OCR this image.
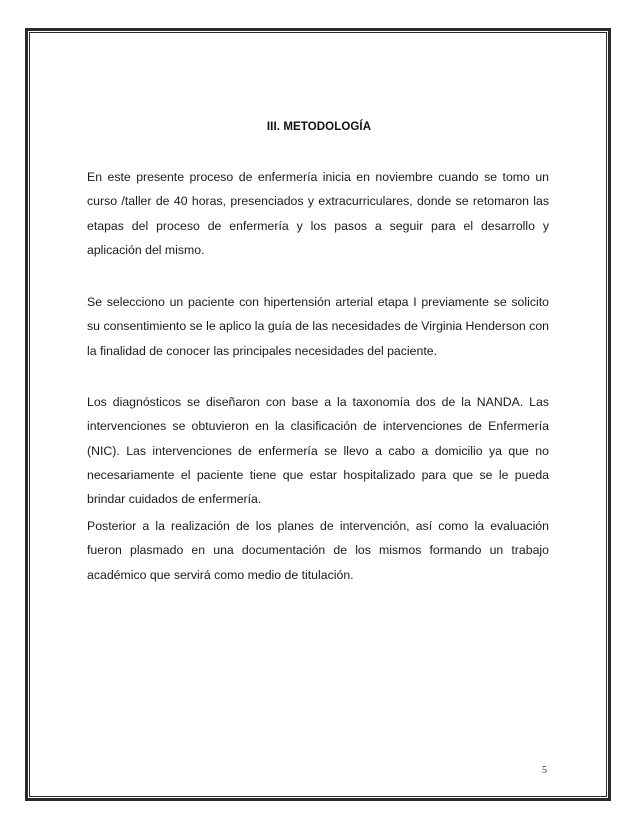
III. METODOLOGÍA

En este presente proceso de enfermería inicia en noviembre cuando se tomo un curso /taller de 40 horas, presenciados y extracurriculares, donde se retomaron las etapas del proceso de enfermería y los pasos a seguir para el desarrollo y aplicación del mismo.

Se selecciono un paciente con hipertensión arterial etapa I previamente se solicito su consentimiento se le aplico la guía de las necesidades de Virginia Henderson con la finalidad de conocer las principales necesidades del paciente.

Los diagnósticos se diseñaron con base a la taxonomía dos de la NANDA. Las intervenciones se obtuvieron en la clasificación de intervenciones de Enfermería (NIC). Las intervenciones de enfermería se llevo a cabo a domicilio ya que no necesariamente el paciente tiene que estar hospitalizado para que se le pueda brindar cuidados de enfermería.

Posterior a la realización de los planes de intervención, así como la evaluación fueron plasmado en una documentación de los mismos formando un trabajo académico que servirá como medio de titulación.

5
